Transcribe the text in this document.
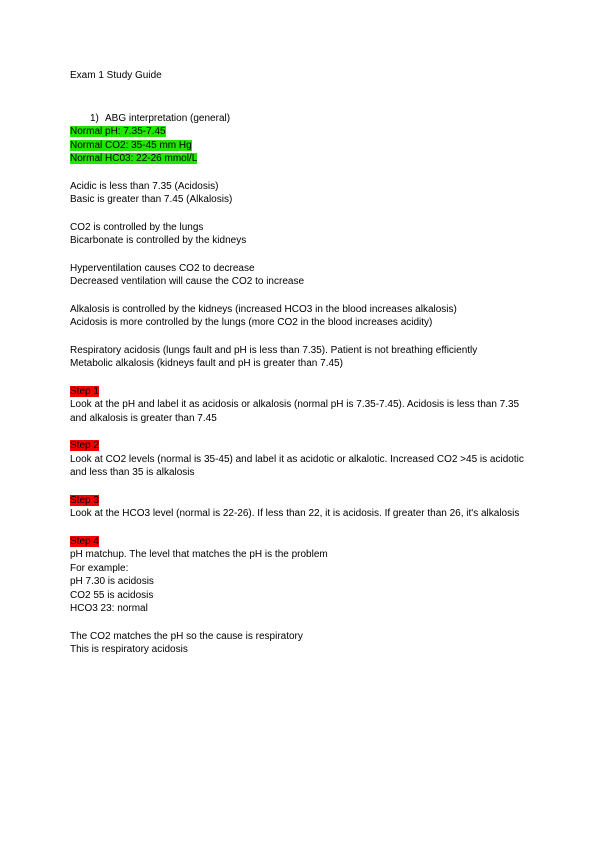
Exam 1 Study Guide

1) ABG interpretation (general)

Normal pH: 7.35-7.45

Normal CO2: 35-45 mm Hg

Normal HC03: 22-26 mmol/L

Acidic is less than 7.35 (Acidosis)

Basic is greater than 7.45 (Alkalosis)

CO2 is controlled by the lungs

Bicarbonate is controlled by the kidneys

Hyperventilation causes CO2 to decrease

Decreased ventilation will cause the CO2 to increase

Alkalosis is controlled by the kidneys (increased HCO3 in the blood increases alkalosis)

Acidosis is more controlled by the lungs (more CO2 in the blood increases acidity)

Respiratory acidosis (lungs fault and pH is less than 7.35). Patient is not breathing efficiently

Metabolic alkalosis (kidneys fault and pH is greater than 7.45)

Step 1

Look at the pH and label it as acidosis or alkalosis (normal pH is 7.35-7.45). Acidosis is less than 7.35 and alkalosis is greater than 7.45

Step 2

Look at CO2 levels (normal is 35-45) and label it as acidotic or alkalotic. Increased CO2 >45 is acidotic and less than 35 is alkalosis

Step 3

Look at the HCO3 level (normal is 22-26). If less than 22, it is acidosis. If greater than 26, it's alkalosis

Step 4

pH matchup. The level that matches the pH is the problem

For example:

pH 7.30 is acidosis

CO2 55 is acidosis

HCO3 23: normal

The CO2 matches the pH so the cause is respiratory

This is respiratory acidosis
